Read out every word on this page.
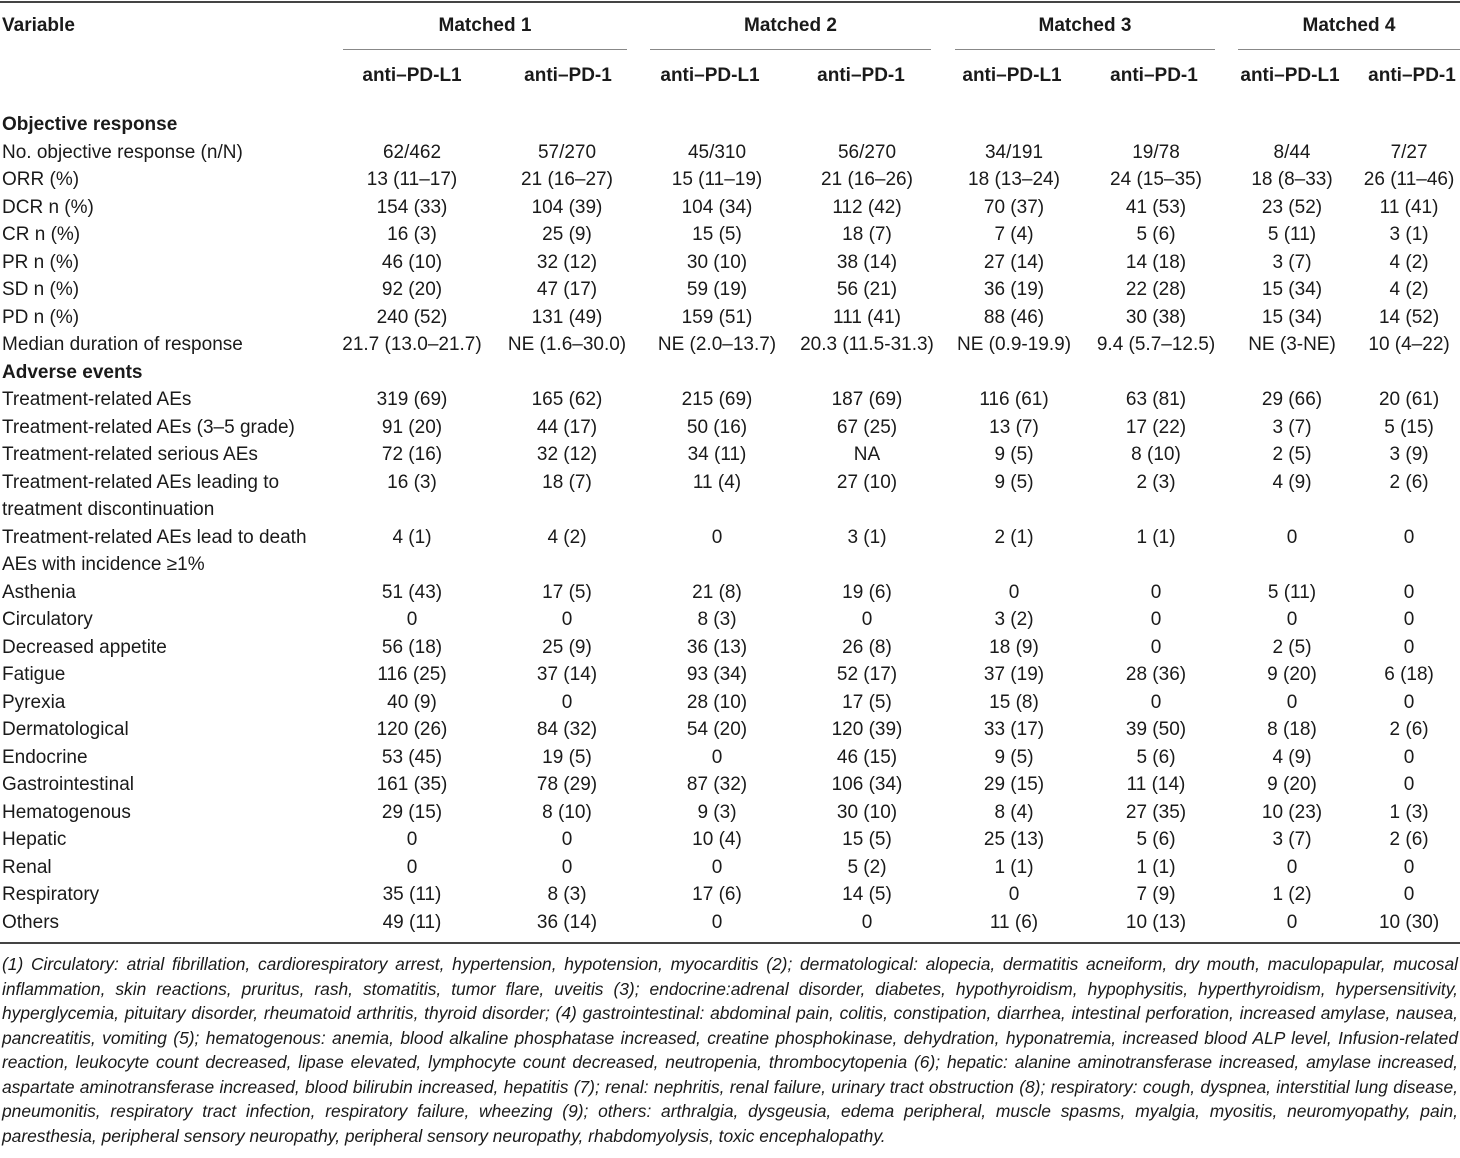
Variable	Matched 1	Matched 2	Matched 3	Matched 4
anti–PD-L1	anti–PD-1	anti–PD-L1	anti–PD-1	anti–PD-L1	anti–PD-1	anti–PD-L1	anti–PD-1
Objective response								
No. objective response (n/N)	62/462	57/270	45/310	56/270	34/191	19/78	8/44	7/27
ORR (%)	13 (11–17)	21 (16–27)	15 (11–19)	21 (16–26)	18 (13–24)	24 (15–35)	18 (8–33)	26 (11–46)
DCR n (%)	154 (33)	104 (39)	104 (34)	112 (42)	70 (37)	41 (53)	23 (52)	11 (41)
CR n (%)	16 (3)	25 (9)	15 (5)	18 (7)	7 (4)	5 (6)	5 (11)	3 (1)
PR n (%)	46 (10)	32 (12)	30 (10)	38 (14)	27 (14)	14 (18)	3 (7)	4 (2)
SD n (%)	92 (20)	47 (17)	59 (19)	56 (21)	36 (19)	22 (28)	15 (34)	4 (2)
PD n (%)	240 (52)	131 (49)	159 (51)	111 (41)	88 (46)	30 (38)	15 (34)	14 (52)
Median duration of response	21.7 (13.0–21.7)	NE (1.6–30.0)	NE (2.0–13.7)	20.3 (11.5-31.3)	NE (0.9-19.9)	9.4 (5.7–12.5)	NE (3-NE)	10 (4–22)
Adverse events								
Treatment-related AEs	319 (69)	165 (62)	215 (69)	187 (69)	116 (61)	63 (81)	29 (66)	20 (61)
Treatment-related AEs (3–5 grade)	91 (20)	44 (17)	50 (16)	67 (25)	13 (7)	17 (22)	3 (7)	5 (15)
Treatment-related serious AEs	72 (16)	32 (12)	34 (11)	NA	9 (5)	8 (10)	2 (5)	3 (9)
Treatment-related AEs leading to treatment discontinuation	16 (3)	18 (7)	11 (4)	27 (10)	9 (5)	2 (3)	4 (9)	2 (6)
Treatment-related AEs lead to death	4 (1)	4 (2)	0	3 (1)	2 (1)	1 (1)	0	0
AEs with incidence ≥1%								
Asthenia	51 (43)	17 (5)	21 (8)	19 (6)	0	0	5 (11)	0
Circulatory	0	0	8 (3)	0	3 (2)	0	0	0
Decreased appetite	56 (18)	25 (9)	36 (13)	26 (8)	18 (9)	0	2 (5)	0
Fatigue	116 (25)	37 (14)	93 (34)	52 (17)	37 (19)	28 (36)	9 (20)	6 (18)
Pyrexia	40 (9)	0	28 (10)	17 (5)	15 (8)	0	0	0
Dermatological	120 (26)	84 (32)	54 (20)	120 (39)	33 (17)	39 (50)	8 (18)	2 (6)
Endocrine	53 (45)	19 (5)	0	46 (15)	9 (5)	5 (6)	4 (9)	0
Gastrointestinal	161 (35)	78 (29)	87 (32)	106 (34)	29 (15)	11 (14)	9 (20)	0
Hematogenous	29 (15)	8 (10)	9 (3)	30 (10)	8 (4)	27 (35)	10 (23)	1 (3)
Hepatic	0	0	10 (4)	15 (5)	25 (13)	5 (6)	3 (7)	2 (6)
Renal	0	0	0	5 (2)	1 (1)	1 (1)	0	0
Respiratory	35 (11)	8 (3)	17 (6)	14 (5)	0	7 (9)	1 (2)	0
Others	49 (11)	36 (14)	0	0	11 (6)	10 (13)	0	10 (30)
(1) Circulatory: atrial fibrillation, cardiorespiratory arrest, hypertension, hypotension, myocarditis (2); dermatological: alopecia, dermatitis acneiform, dry mouth, maculopapular, mucosal inflammation, skin reactions, pruritus, rash, stomatitis, tumor flare, uveitis (3); endocrine:adrenal disorder, diabetes, hypothyroidism, hypophysitis, hyperthyroidism, hypersensitivity, hyperglycemia, pituitary disorder, rheumatoid arthritis, thyroid disorder; (4) gastrointestinal: abdominal pain, colitis, constipation, diarrhea, intestinal perforation, increased amylase, nausea, pancreatitis, vomiting (5); hematogenous: anemia, blood alkaline phosphatase increased, creatine phosphokinase, dehydration, hyponatremia, increased blood ALP level, Infusion-related reaction, leukocyte count decreased, lipase elevated, lymphocyte count decreased, neutropenia, thrombocytopenia (6); hepatic: alanine aminotransferase increased, amylase increased, aspartate aminotransferase increased, blood bilirubin increased, hepatitis (7); renal: nephritis, renal failure, urinary tract obstruction (8); respiratory: cough, dyspnea, interstitial lung disease, pneumonitis, respiratory tract infection, respiratory failure, wheezing (9); others: arthralgia, dysgeusia, edema peripheral, muscle spasms, myalgia, myositis, neuromyopathy, pain, paresthesia, peripheral sensory neuropathy, peripheral sensory neuropathy, rhabdomyolysis, toxic encephalopathy.
